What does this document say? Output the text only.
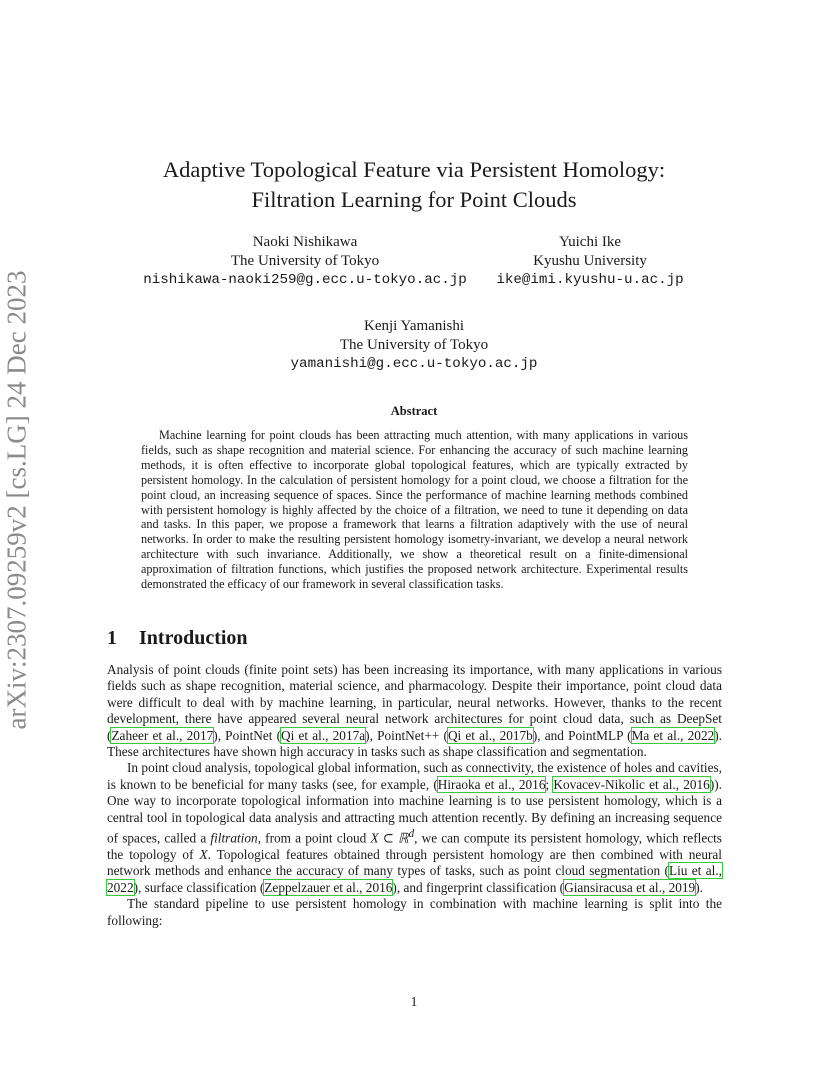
arXiv:2307.09259v2 [cs.LG] 24 Dec 2023
Adaptive Topological Feature via Persistent Homology:
Filtration Learning for Point Clouds
Naoki Nishikawa
The University of Tokyo
nishikawa-naoki259@g.ecc.u-tokyo.ac.jp
Yuichi Ike
Kyushu University
ike@imi.kyushu-u.ac.jp
Kenji Yamanishi
The University of Tokyo
yamanishi@g.ecc.u-tokyo.ac.jp
Abstract

Machine learning for point clouds has been attracting much attention, with many applications in various fields, such as shape recognition and material science. For enhancing the accuracy of such machine learning methods, it is often effective to incorporate global topological features, which are typically extracted by persistent homology. In the calculation of persistent homology for a point cloud, we choose a filtration for the point cloud, an increasing sequence of spaces. Since the performance of machine learning methods combined with persistent homology is highly affected by the choice of a filtration, we need to tune it depending on data and tasks. In this paper, we propose a framework that learns a filtration adaptively with the use of neural networks. In order to make the resulting persistent homology isometry-invariant, we develop a neural network architecture with such invariance. Additionally, we show a theoretical result on a finite-dimensional approximation of filtration functions, which justifies the proposed network architecture. Experimental results demonstrated the efficacy of our framework in several classification tasks.

1 Introduction

Analysis of point clouds (finite point sets) has been increasing its importance, with many applications in various fields such as shape recognition, material science, and pharmacology. Despite their importance, point cloud data were difficult to deal with by machine learning, in particular, neural networks. However, thanks to the recent development, there have appeared several neural network architectures for point cloud data, such as DeepSet (Zaheer et al., 2017), PointNet (Qi et al., 2017a), PointNet++ (Qi et al., 2017b), and PointMLP (Ma et al., 2022). These architectures have shown high accuracy in tasks such as shape classification and segmentation.

In point cloud analysis, topological global information, such as connectivity, the existence of holes and cavities, is known to be beneficial for many tasks (see, for example, (Hiraoka et al., 2016; Kovacev-Nikolic et al., 2016)). One way to incorporate topological information into machine learning is to use persistent homology, which is a central tool in topological data analysis and attracting much attention recently. By defining an increasing sequence of spaces, called a filtration, from a point cloud X ⊂ ℝ$^d$, we can compute its persistent homology, which reflects the topology of X. Topological features obtained through persistent homology are then combined with neural network methods and enhance the accuracy of many types of tasks, such as point cloud segmentation (Liu et al., 2022), surface classification (Zeppelzauer et al., 2016), and fingerprint classification (Giansiracusa et al., 2019).

The standard pipeline to use persistent homology in combination with machine learning is split into the following:

1
